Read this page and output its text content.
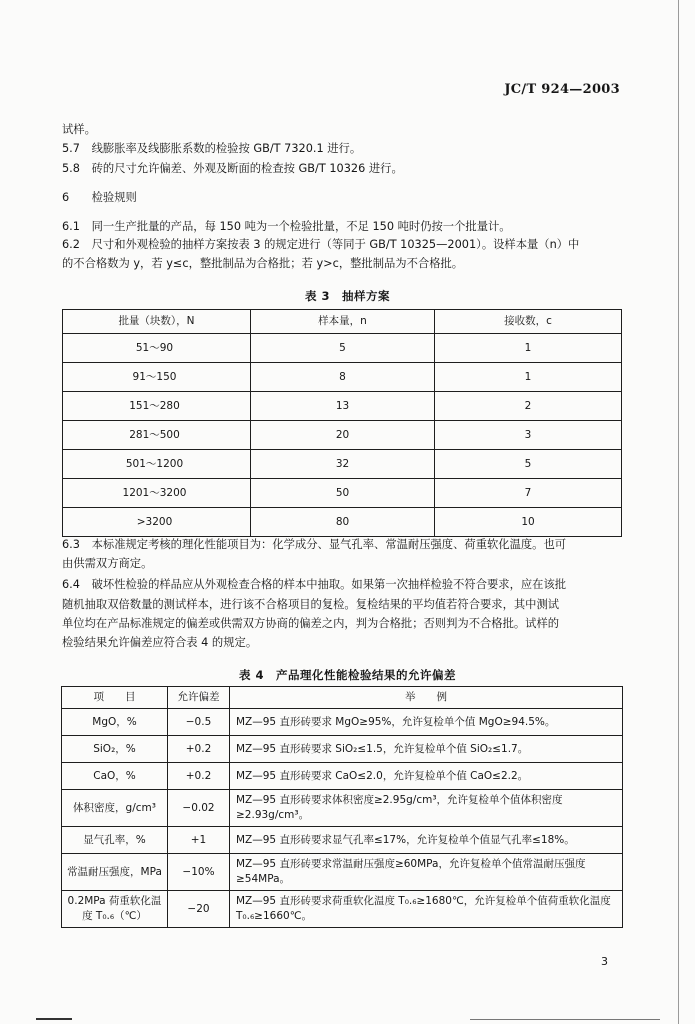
JC/T 924—2003
试样。
5.7 线膨胀率及线膨胀系数的检验按 GB/T 7320.1 进行。
5.8 砖的尺寸允许偏差、外观及断面的检查按 GB/T 10326 进行。
6 检验规则
6.1 同一生产批量的产品，每 150 吨为一个检验批量，不足 150 吨时仍按一个批量计。
6.2 尺寸和外观检验的抽样方案按表 3 的规定进行（等同于 GB/T 10325—2001）。设样本量（n）中
的不合格数为 y，若 y≤c，整批制品为合格批；若 y>c，整批制品为不合格批。
表 3　抽样方案
批量（块数），N	样本量，n	接收数，c
51～90	5	1
91～150	8	1
151～280	13	2
281～500	20	3
501～1200	32	5
1201～3200	50	7
>3200	80	10
6.3 本标准规定考核的理化性能项目为：化学成分、显气孔率、常温耐压强度、荷重软化温度。也可
由供需双方商定。
6.4 破坏性检验的样品应从外观检查合格的样本中抽取。如果第一次抽样检验不符合要求，应在该批
随机抽取双倍数量的测试样本，进行该不合格项目的复检。复检结果的平均值若符合要求，其中测试
单位均在产品标准规定的偏差或供需双方协商的偏差之内，判为合格批；否则判为不合格批。试样的
检验结果允许偏差应符合表 4 的规定。
表 4　产品理化性能检验结果的允许偏差
项　　目	允许偏差	举　　例
MgO，%	−0.5	MZ—95 直形砖要求 MgO≥95%，允许复检单个值 MgO≥94.5%。
SiO₂，%	+0.2	MZ—95 直形砖要求 SiO₂≤1.5，允许复检单个值 SiO₂≤1.7。
CaO，%	+0.2	MZ—95 直形砖要求 CaO≤2.0，允许复检单个值 CaO≤2.2。
体积密度，g/cm³	−0.02	MZ—95 直形砖要求体积密度≥2.95g/cm³，允许复检单个值体积密度≥2.93g/cm³。
显气孔率，%	+1	MZ—95 直形砖要求显气孔率≤17%，允许复检单个值显气孔率≤18%。
常温耐压强度，MPa	−10%	MZ—95 直形砖要求常温耐压强度≥60MPa，允许复检单个值常温耐压强度≥54MPa。
0.2MPa 荷重软化温度 T₀.₆（℃）	−20	MZ—95 直形砖要求荷重软化温度 T₀.₆≥1680℃，允许复检单个值荷重软化温度 T₀.₆≥1660℃。
3
